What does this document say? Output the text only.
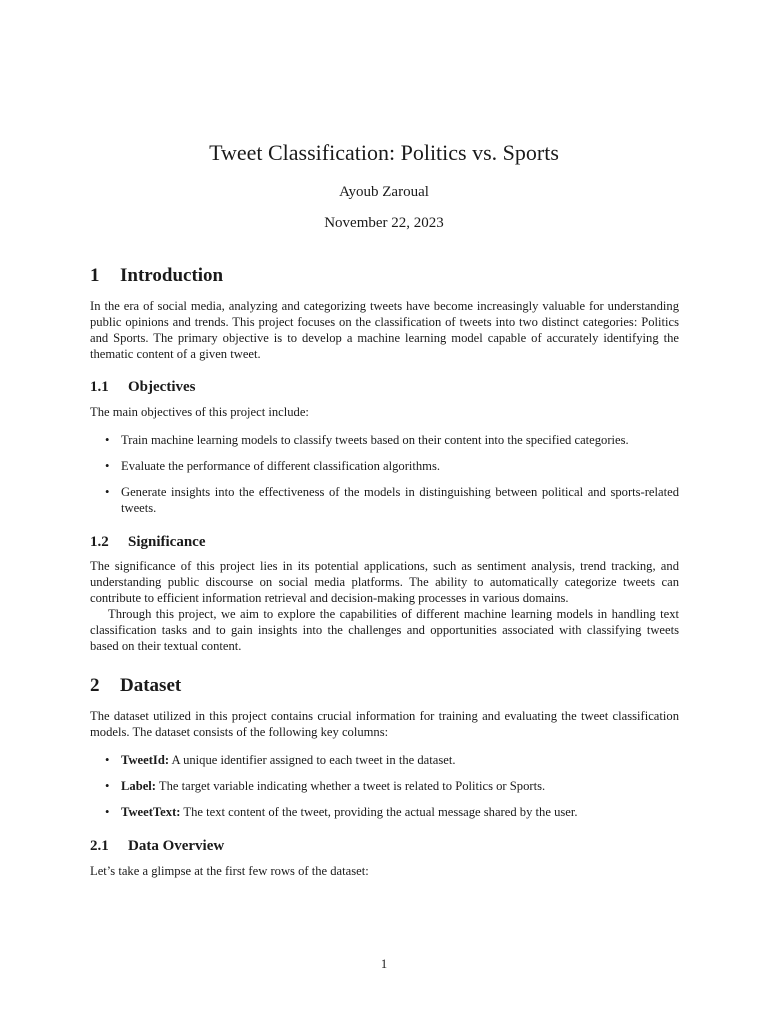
Tweet Classification: Politics vs. Sports
Ayoub Zaroual
November 22, 2023
1 Introduction
In the era of social media, analyzing and categorizing tweets have become increasingly valuable for understanding public opinions and trends. This project focuses on the classification of tweets into two distinct categories: Politics and Sports. The primary objective is to develop a machine learning model capable of accurately identifying the thematic content of a given tweet.
1.1 Objectives
The main objectives of this project include:
• Train machine learning models to classify tweets based on their content into the specified categories.
• Evaluate the performance of different classification algorithms.
• Generate insights into the effectiveness of the models in distinguishing between political and sports-related tweets.
1.2 Significance
The significance of this project lies in its potential applications, such as sentiment analysis, trend tracking, and understanding public discourse on social media platforms. The ability to automatically categorize tweets can contribute to efficient information retrieval and decision-making processes in various domains.
Through this project, we aim to explore the capabilities of different machine learning models in handling text classification tasks and to gain insights into the challenges and opportunities associated with classifying tweets based on their textual content.
2 Dataset
The dataset utilized in this project contains crucial information for training and evaluating the tweet classification models. The dataset consists of the following key columns:
• TweetId: A unique identifier assigned to each tweet in the dataset.
• Label: The target variable indicating whether a tweet is related to Politics or Sports.
• TweetText: The text content of the tweet, providing the actual message shared by the user.
2.1 Data Overview
Let’s take a glimpse at the first few rows of the dataset:
1
